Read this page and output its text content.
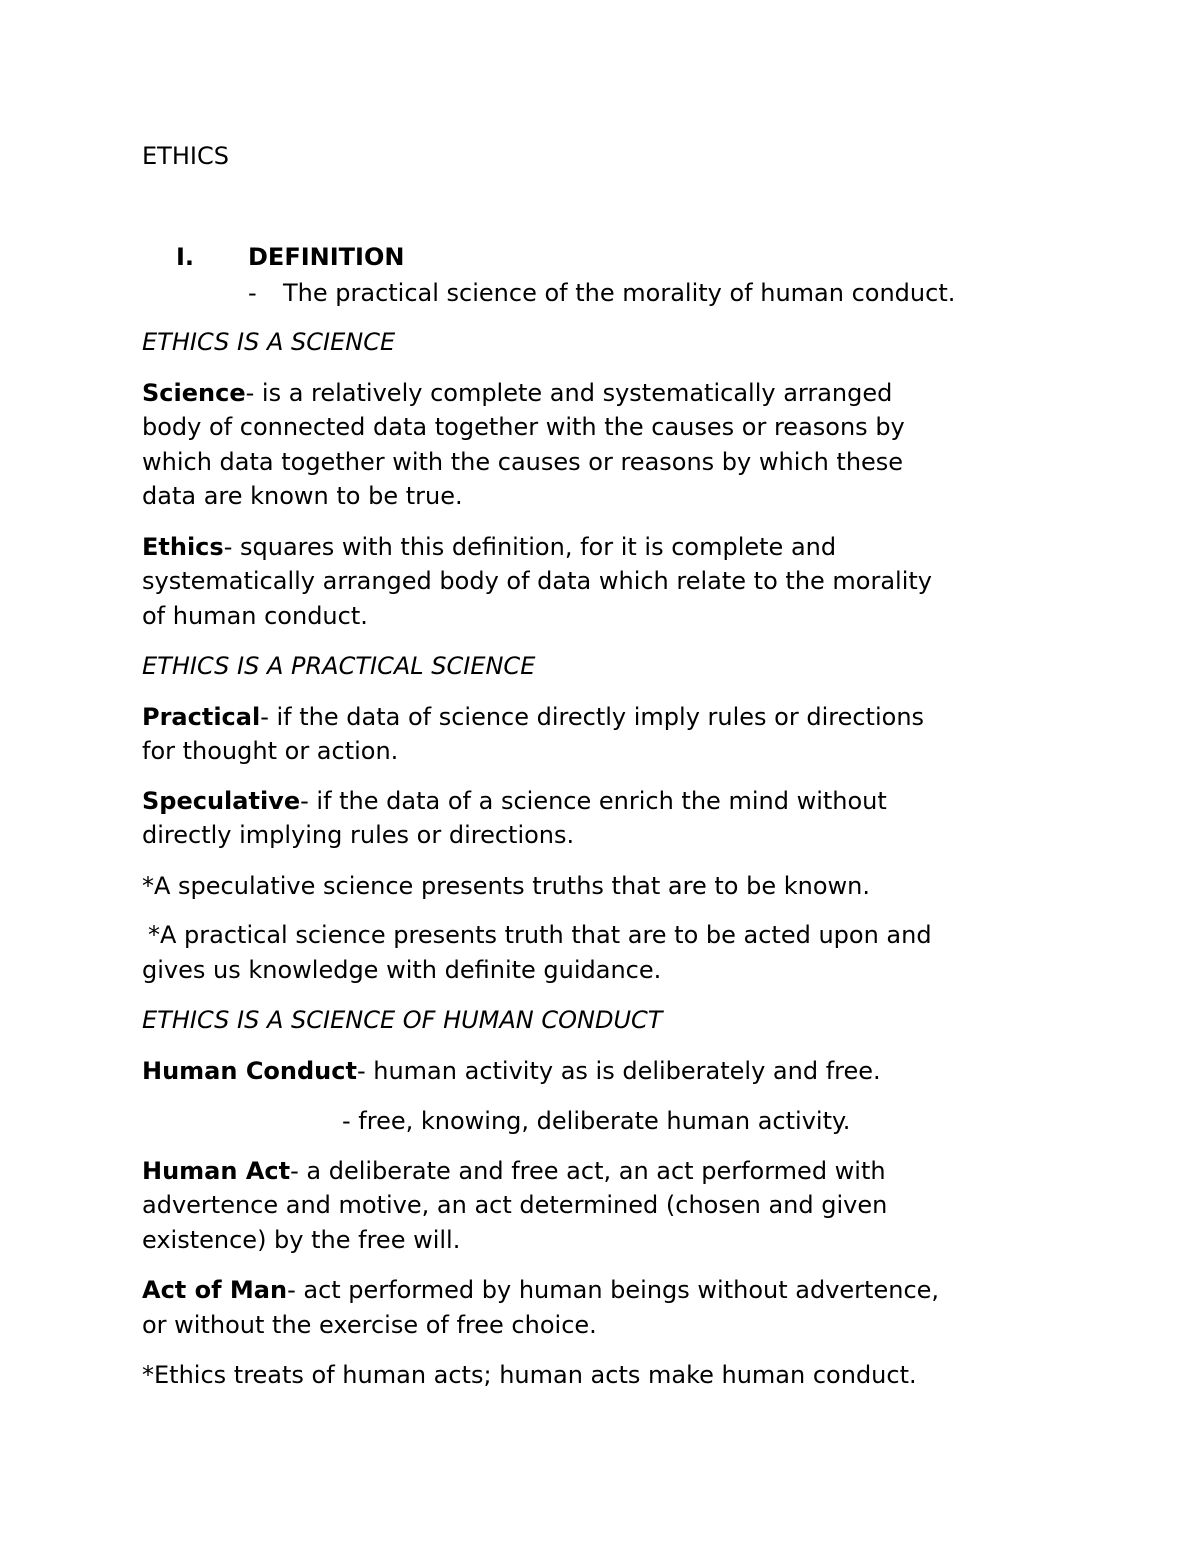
ETHICS
I. DEFINITION
- The practical science of the morality of human conduct.
ETHICS IS A SCIENCE
Science- is a relatively complete and systematically arranged
body of connected data together with the causes or reasons by
which data together with the causes or reasons by which these
data are known to be true.
Ethics- squares with this definition, for it is complete and
systematically arranged body of data which relate to the morality
of human conduct.
ETHICS IS A PRACTICAL SCIENCE
Practical- if the data of science directly imply rules or directions
for thought or action.
Speculative- if the data of a science enrich the mind without
directly implying rules or directions.
*A speculative science presents truths that are to be known.
*A practical science presents truth that are to be acted upon and
gives us knowledge with definite guidance.
ETHICS IS A SCIENCE OF HUMAN CONDUCT
Human Conduct- human activity as is deliberately and free.
- free, knowing, deliberate human activity.
Human Act- a deliberate and free act, an act performed with
advertence and motive, an act determined (chosen and given
existence) by the free will.
Act of Man- act performed by human beings without advertence,
or without the exercise of free choice.
*Ethics treats of human acts; human acts make human conduct.
